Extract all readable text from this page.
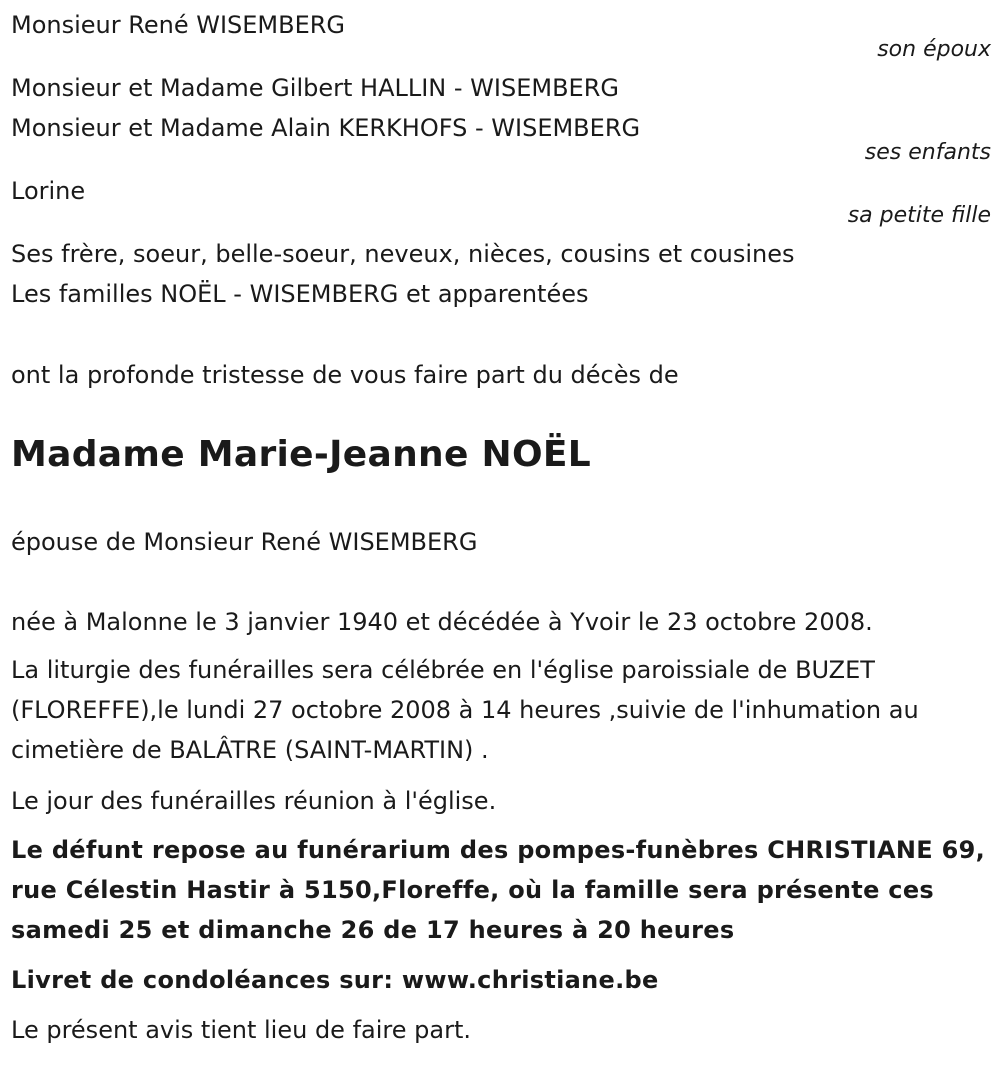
Monsieur René WISEMBERG
son époux
Monsieur et Madame Gilbert HALLIN - WISEMBERG
Monsieur et Madame Alain KERKHOFS - WISEMBERG
ses enfants
Lorine
sa petite fille
Ses frère, soeur, belle-soeur, neveux, nièces, cousins et cousines
Les familles NOËL - WISEMBERG et apparentées
ont la profonde tristesse de vous faire part du décès de
Madame Marie-Jeanne NOËL
épouse de Monsieur René WISEMBERG
née à Malonne le 3 janvier 1940 et décédée à Yvoir le 23 octobre 2008.
La liturgie des funérailles sera célébrée en l'église paroissiale de BUZET (FLOREFFE),le lundi 27 octobre 2008 à 14 heures ,suivie de l'inhumation au cimetière de BALÂTRE (SAINT-MARTIN) .
Le jour des funérailles réunion à l'église.
Le défunt repose au funérarium des pompes-funèbres CHRISTIANE 69, rue Célestin Hastir à 5150,Floreffe, où la famille sera présente ces samedi 25 et dimanche 26 de 17 heures à 20 heures
Livret de condoléances sur: www.christiane.be
Le présent avis tient lieu de faire part.
